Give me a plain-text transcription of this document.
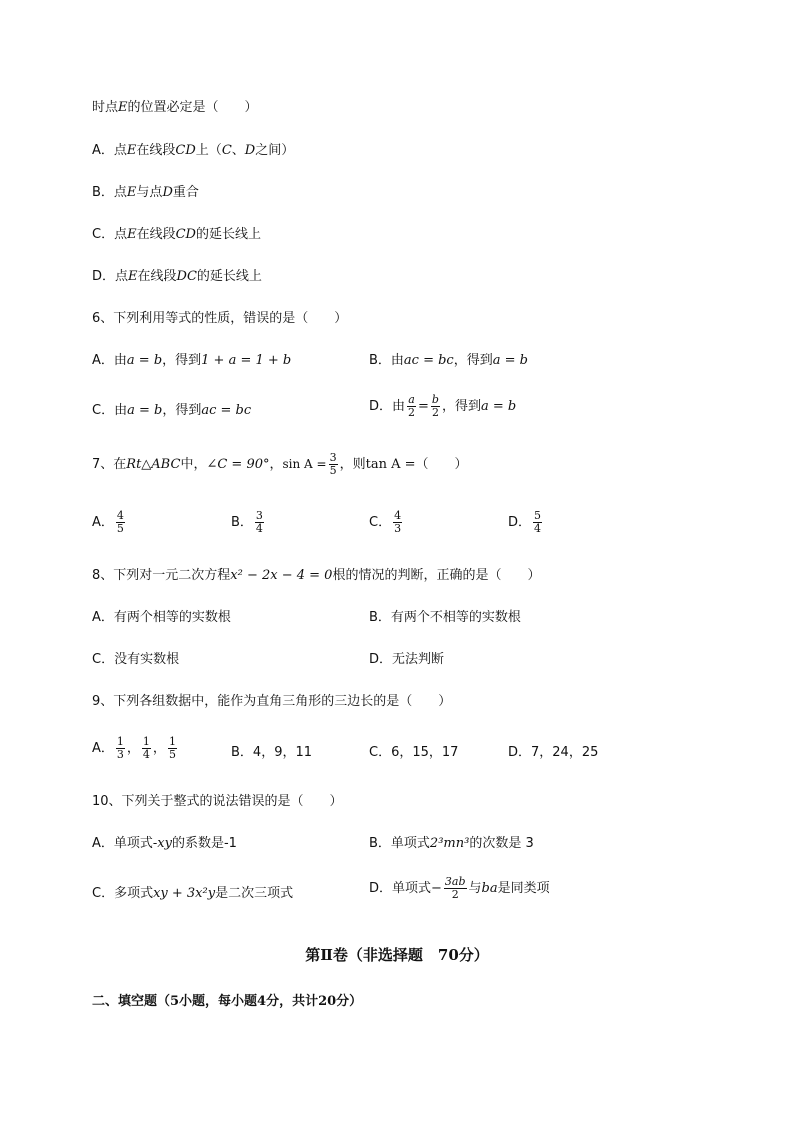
时点E的位置必定是（　　）
A．点E在线段CD上（C、D之间）
B．点E与点D重合
C．点E在线段CD的延长线上
D．点E在线段DC的延长线上
6、下列利用等式的性质，错误的是（　　）
A．由a = b，得到1 + a = 1 + b	B．由ac = bc，得到a = b
C．由a = b，得到ac = bc	D．由 $\frac{a}{2} = \frac{b}{2}$ ，得到a = b
7、在Rt△ABC中，∠C = 90°，$\sin A = \frac{3}{5}$ ，则tan A =（　　）
A． $\frac{4}{5}$	B． $\frac{3}{4}$	C． $\frac{4}{3}$	D． $\frac{5}{4}$
8、下列对一元二次方程x² − 2x − 4 = 0根的情况的判断，正确的是（　　）
A．有两个相等的实数根	B．有两个不相等的实数根
C．没有实数根	D．无法判断
9、下列各组数据中，能作为直角三角形的三边长的是（　　）
A． $\frac{1}{3}$ ， $\frac{1}{4}$ ， $\frac{1}{5}$	B．4，9，11	C．6，15，17	D．7，24，25
10、下列关于整式的说法错误的是（　　）
A．单项式-xy的系数是-1	B．单项式2³mn³的次数是 3
C．多项式xy + 3x²y是二次三项式	D．单项式− $\frac{3ab}{2}$ 与ba是同类项
第Ⅱ卷（非选择题　70分）
二、填空题（5小题，每小题4分，共计20分）
